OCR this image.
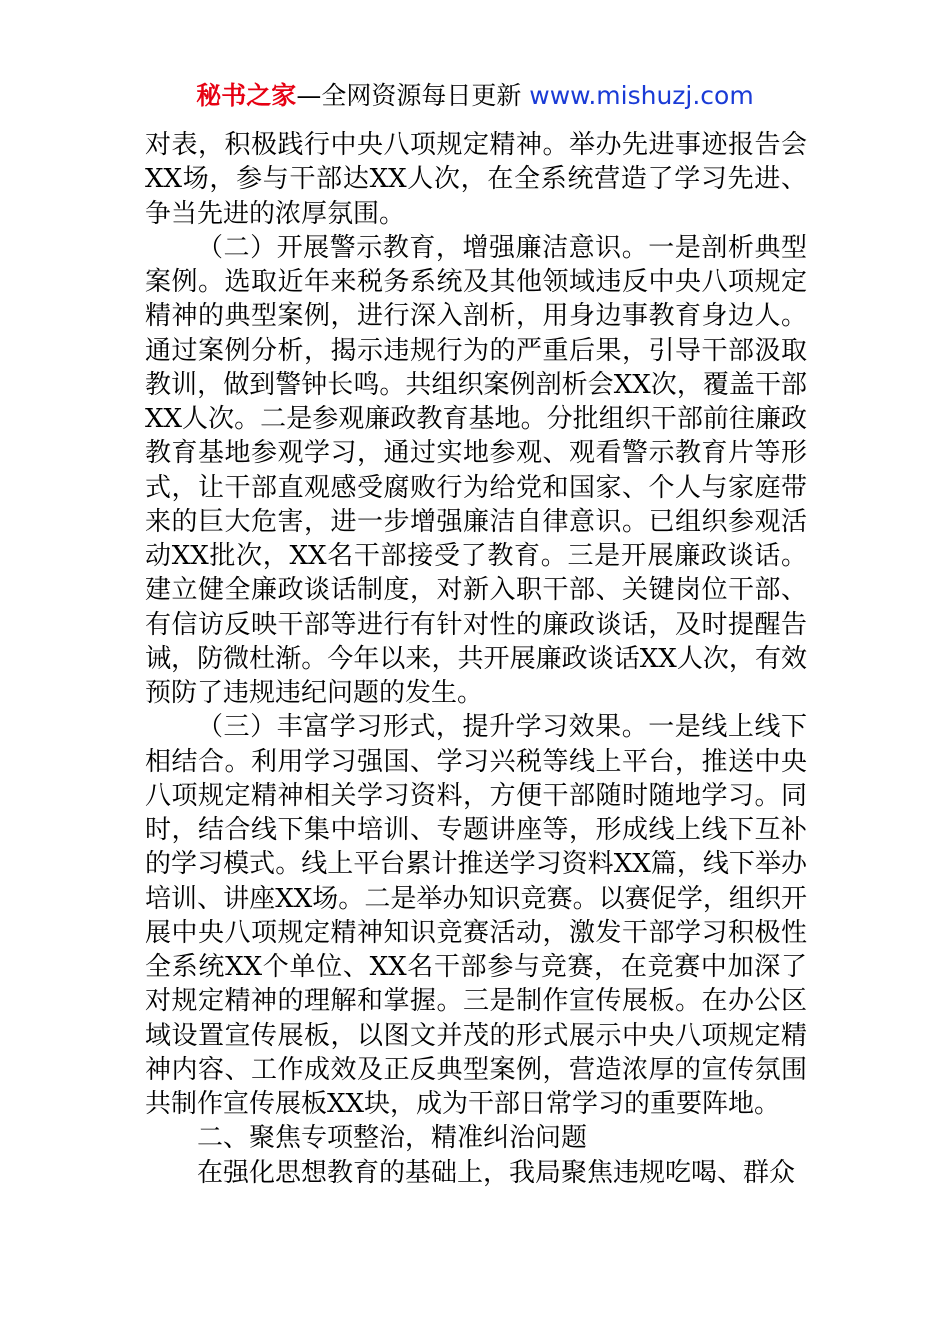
秘书之家—全网资源每日更新 www.mishuzj.com

对表，积极践行中央八项规定精神。举办先进事迹报告会XX场，参与干部达XX人次，在全系统营造了学习先进、争当先进的浓厚氛围。

（二）开展警示教育，增强廉洁意识。一是剖析典型案例。选取近年来税务系统及其他领域违反中央八项规定精神的典型案例，进行深入剖析，用身边事教育身边人。通过案例分析，揭示违规行为的严重后果，引导干部汲取教训，做到警钟长鸣。共组织案例剖析会XX次，覆盖干部XX人次。二是参观廉政教育基地。分批组织干部前往廉政教育基地参观学习，通过实地参观、观看警示教育片等形式，让干部直观感受腐败行为给党和国家、个人与家庭带来的巨大危害，进一步增强廉洁自律意识。已组织参观活动XX批次，XX名干部接受了教育。三是开展廉政谈话。建立健全廉政谈话制度，对新入职干部、关键岗位干部、有信访反映干部等进行有针对性的廉政谈话，及时提醒告诫，防微杜渐。今年以来，共开展廉政谈话XX人次，有效预防了违规违纪问题的发生。

（三）丰富学习形式，提升学习效果。一是线上线下相结合。利用学习强国、学习兴税等线上平台，推送中央八项规定精神相关学习资料，方便干部随时随地学习。同时，结合线下集中培训、专题讲座等，形成线上线下互补的学习模式。线上平台累计推送学习资料XX篇，线下举办培训、讲座XX场。二是举办知识竞赛。以赛促学，组织开展中央八项规定精神知识竞赛活动，激发干部学习积极性全系统XX个单位、XX名干部参与竞赛，在竞赛中加深了对规定精神的理解和掌握。三是制作宣传展板。在办公区域设置宣传展板，以图文并茂的形式展示中央八项规定精神内容、工作成效及正反典型案例，营造浓厚的宣传氛围共制作宣传展板XX块，成为干部日常学习的重要阵地。

二、聚焦专项整治，精准纠治问题

在强化思想教育的基础上，我局聚焦违规吃喝、群众
